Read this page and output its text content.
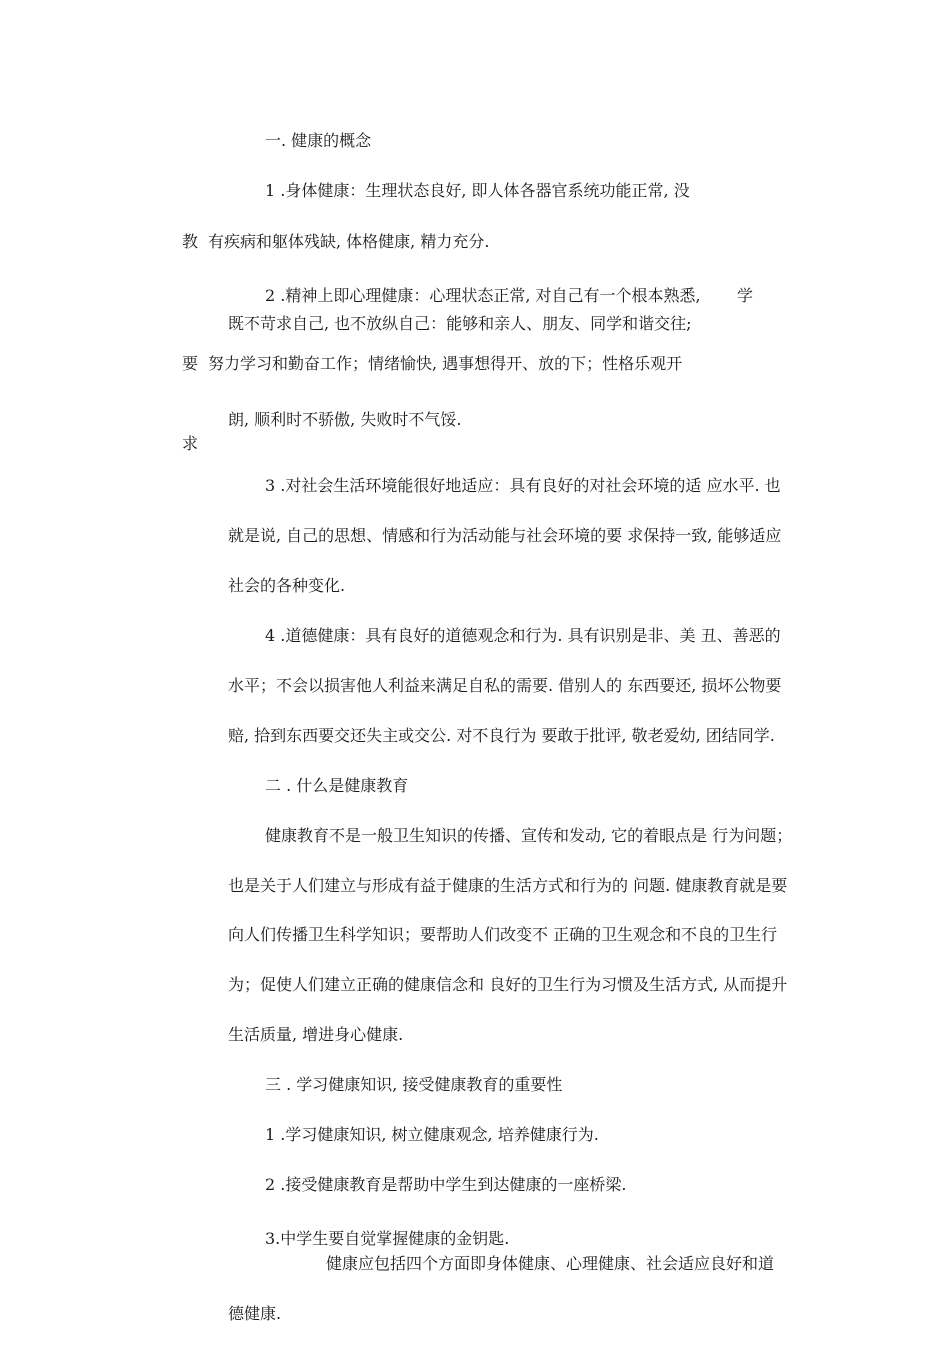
一. 健康的概念
1 .身体健康：生理状态良好, 即人体各器官系统功能正常, 没
教 有疾病和躯体残缺, 体格健康, 精力充分.
2 .精神上即心理健康：心理状态正常, 对自己有一个根本熟悉, 学
既不苛求自己, 也不放纵自己：能够和亲人、朋友、同学和谐交往;
要 努力学习和勤奋工作；情绪愉快, 遇事想得开、放的下；性格乐观开
朗, 顺利时不骄傲, 失败时不气馁.
求
3 .对社会生活环境能很好地适应：具有良好的对社会环境的适 应水平. 也
就是说, 自己的思想、情感和行为活动能与社会环境的要 求保持一致, 能够适应
社会的各种变化.
4 .道德健康：具有良好的道德观念和行为. 具有识别是非、美 丑、善恶的
水平；不会以损害他人利益来满足自私的需要. 借别人的 东西要还, 损坏公物要
赔, 拾到东西要交还失主或交公. 对不良行为 要敢于批评, 敬老爱幼, 团结同学.
二 . 什么是健康教育
健康教育不是一般卫生知识的传播、宣传和发动, 它的着眼点是 行为问题；
也是关于人们建立与形成有益于健康的生活方式和行为的 问题. 健康教育就是要
向人们传播卫生科学知识；要帮助人们改变不 正确的卫生观念和不良的卫生行
为；促使人们建立正确的健康信念和 良好的卫生行为习惯及生活方式, 从而提升
生活质量, 增进身心健康.
三 . 学习健康知识, 接受健康教育的重要性
1 .学习健康知识, 树立健康观念, 培养健康行为.
2 .接受健康教育是帮助中学生到达健康的一座桥梁.
3.中学生要自觉掌握健康的金钥匙.
健康应包括四个方面即身体健康、心理健康、社会适应良好和道
德健康.
